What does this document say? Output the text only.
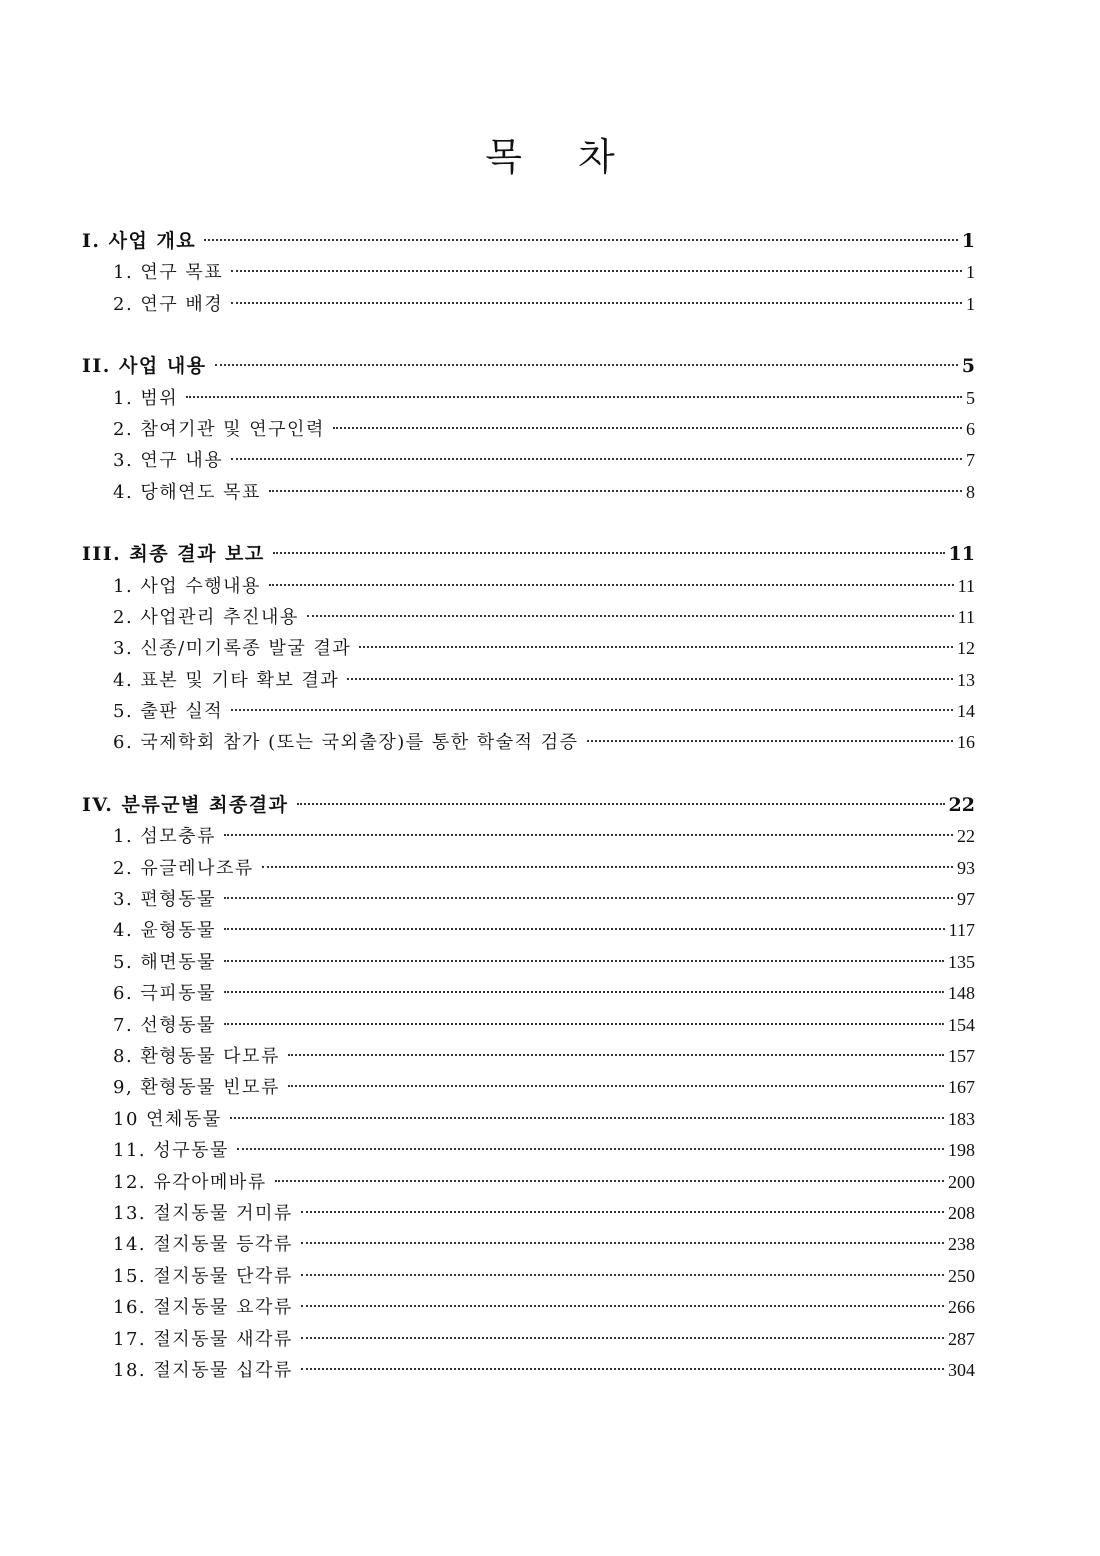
목 차
I. 사업 개요	1
1. 연구 목표	1
2. 연구 배경	1
II. 사업 내용	5
1. 범위	5
2. 참여기관 및 연구인력	6
3. 연구 내용	7
4. 당해연도 목표	8
III. 최종 결과 보고	11
1. 사업 수행내용	11
2. 사업관리 추진내용	11
3. 신종/미기록종 발굴 결과	12
4. 표본 및 기타 확보 결과	13
5. 출판 실적	14
6. 국제학회 참가 (또는 국외출장)를 통한 학술적 검증	16
IV. 분류군별 최종결과	22
1. 섬모충류	22
2. 유글레나조류	93
3. 편형동물	97
4. 윤형동물	117
5. 해면동물	135
6. 극피동물	148
7. 선형동물	154
8. 환형동물 다모류	157
9, 환형동물 빈모류	167
10 연체동물	183
11. 성구동물	198
12. 유각아메바류	200
13. 절지동물 거미류	208
14. 절지동물 등각류	238
15. 절지동물 단각류	250
16. 절지동물 요각류	266
17. 절지동물 새각류	287
18. 절지동물 십각류	304
